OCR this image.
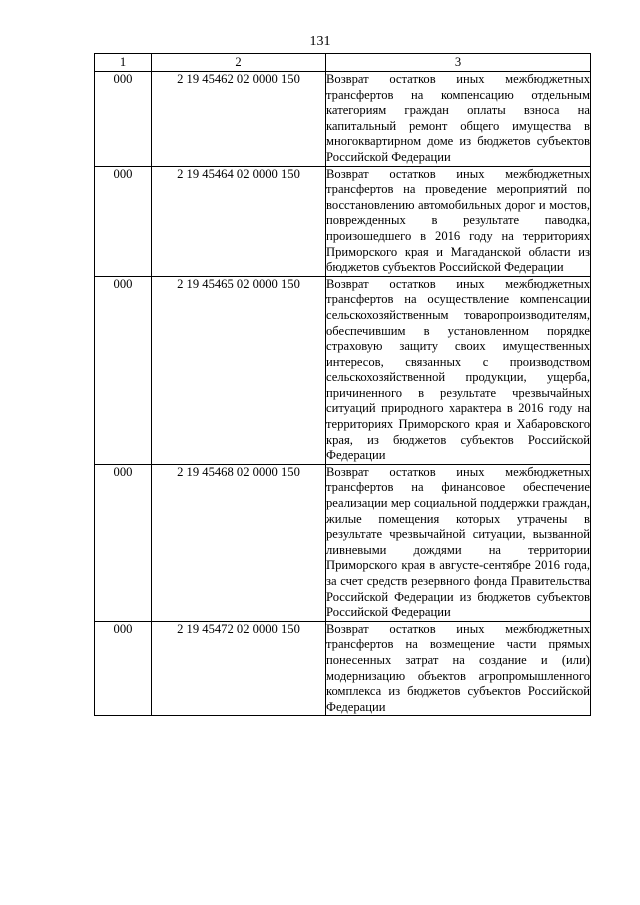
131
1	2	3
000	2 19 45462 02 0000 150	Возврат остатков иных межбюджетных трансфертов на компенсацию отдельным категориям граждан оплаты взноса на капитальный ремонт общего имущества в многоквартирном доме из бюджетов субъектов Российской Федерации
000	2 19 45464 02 0000 150	Возврат остатков иных межбюджетных трансфертов на проведение мероприятий по восстановлению автомобильных дорог и мостов, поврежденных в результате паводка, произошедшего в 2016 году на территориях Приморского края и Магаданской области из бюджетов субъектов Российской Федерации
000	2 19 45465 02 0000 150	Возврат остатков иных межбюджетных трансфертов на осуществление компенсации сельскохозяйственным товаропроизводителям, обеспечившим в установленном порядке страховую защиту своих имущественных интересов, связанных с производством сельскохозяйственной продукции, ущерба, причиненного в результате чрезвычайных ситуаций природного характера в 2016 году на территориях Приморского края и Хабаровского края, из бюджетов субъектов Российской Федерации
000	2 19 45468 02 0000 150	Возврат остатков иных межбюджетных трансфертов на финансовое обеспечение реализации мер социальной поддержки граждан, жилые помещения которых утрачены в результате чрезвычайной ситуации, вызванной ливневыми дождями на территории Приморского края в августе-сентябре 2016 года, за счет средств резервного фонда Правительства Российской Федерации из бюджетов субъектов Российской Федерации
000	2 19 45472 02 0000 150	Возврат остатков иных межбюджетных трансфертов на возмещение части прямых понесенных затрат на создание и (или) модернизацию объектов агропромышленного комплекса из бюджетов субъектов Российской Федерации
